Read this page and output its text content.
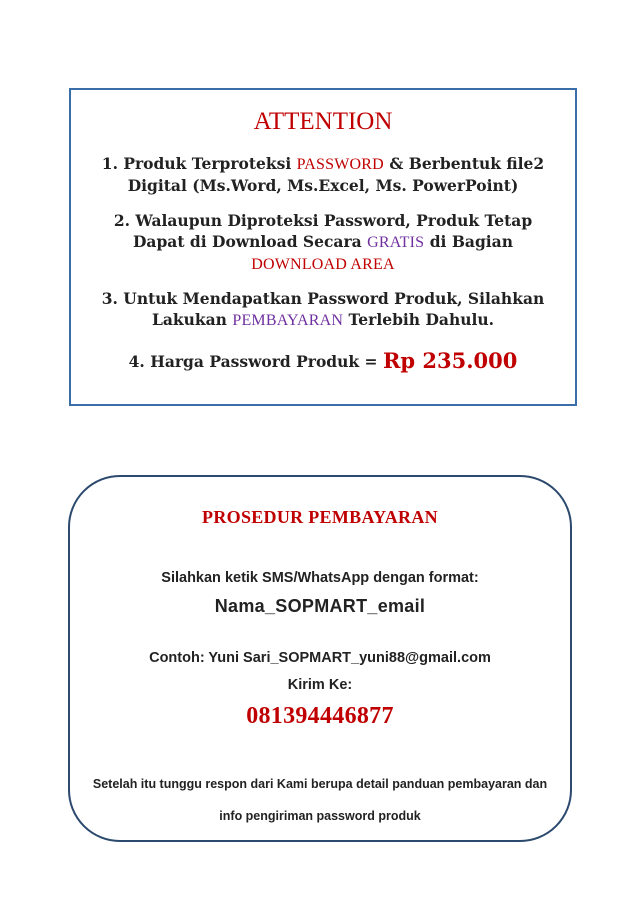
ATTENTION
1. Produk Terproteksi PASSWORD & Berbentuk file2
Digital (Ms.Word, Ms.Excel, Ms. PowerPoint)
2. Walaupun Diproteksi Password, Produk Tetap
Dapat di Download Secara GRATIS di Bagian
DOWNLOAD AREA
3. Untuk Mendapatkan Password Produk, Silahkan
Lakukan PEMBAYARAN Terlebih Dahulu.
4. Harga Password Produk = Rp 235.000
PROSEDUR PEMBAYARAN
Silahkan ketik SMS/WhatsApp dengan format:
Nama_SOPMART_email
Contoh: Yuni Sari_SOPMART_yuni88@gmail.com
Kirim Ke:
081394446877
Setelah itu tunggu respon dari Kami berupa detail panduan pembayaran dan
info pengiriman password produk
